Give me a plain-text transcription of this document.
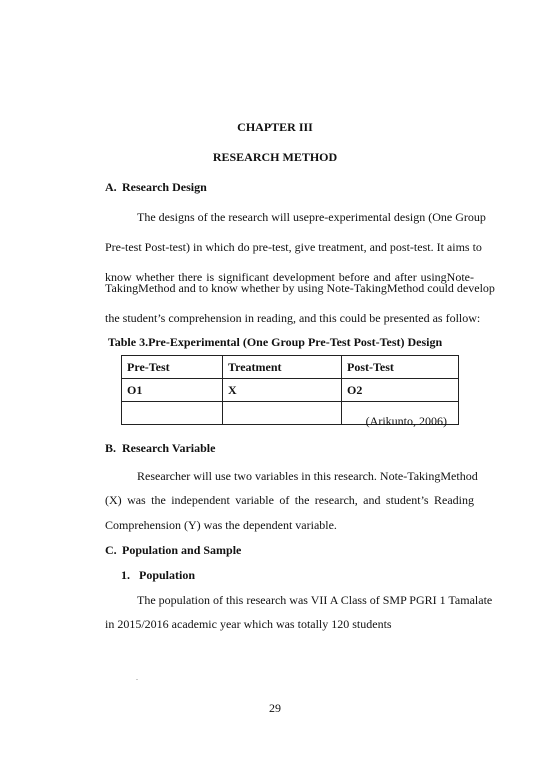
CHAPTER III
RESEARCH METHOD
A. Research Design
The designs of the research will usepre-experimental design (One Group
Pre-test Post-test) in which do pre-test, give treatment, and post-test. It aims to
know whether there is significant development before and after usingNote-
TakingMethod and to know whether by using Note-TakingMethod could develop
the student’s comprehension in reading, and this could be presented as follow:
Table 3.Pre-Experimental (One Group Pre-Test Post-Test) Design
Pre-Test	Treatment	Post-Test
O1	X	O2

(Arikunto, 2006)
B. Research Variable
Researcher will use two variables in this research. Note-TakingMethod
(X) was the independent variable of the research, and student’s Reading
Comprehension (Y) was the dependent variable.
C. Population and Sample
1. Population
The population of this research was VII A Class of SMP PGRI 1 Tamalate
in 2015/2016 academic year which was totally 120 students
.
29
